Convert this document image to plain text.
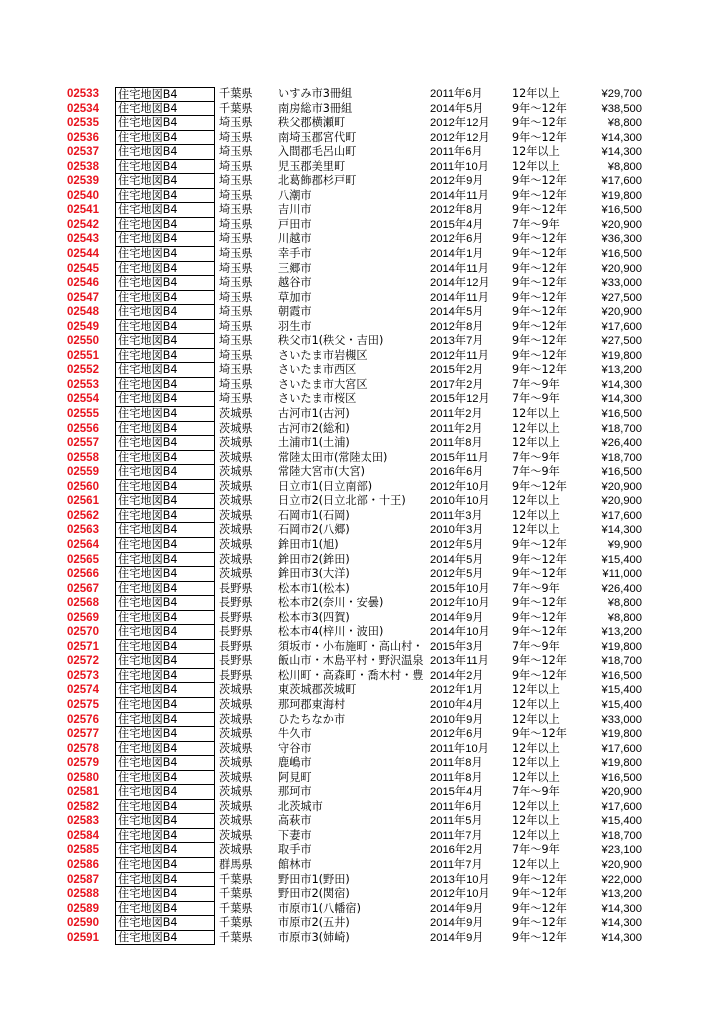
02533	住宅地図B4	千葉県	いすみ市3冊組	2011年6月	12年以上	¥29,700
02534	住宅地図B4	千葉県	南房総市3冊組	2014年5月	9年～12年	¥38,500
02535	住宅地図B4	埼玉県	秩父郡横瀬町	2012年12月	9年～12年	¥8,800
02536	住宅地図B4	埼玉県	南埼玉郡宮代町	2012年12月	9年～12年	¥14,300
02537	住宅地図B4	埼玉県	入間郡毛呂山町	2011年6月	12年以上	¥14,300
02538	住宅地図B4	埼玉県	児玉郡美里町	2011年10月	12年以上	¥8,800
02539	住宅地図B4	埼玉県	北葛飾郡杉戸町	2012年9月	9年～12年	¥17,600
02540	住宅地図B4	埼玉県	八潮市	2014年11月	9年～12年	¥19,800
02541	住宅地図B4	埼玉県	吉川市	2012年8月	9年～12年	¥16,500
02542	住宅地図B4	埼玉県	戸田市	2015年4月	7年～9年	¥20,900
02543	住宅地図B4	埼玉県	川越市	2012年6月	9年～12年	¥36,300
02544	住宅地図B4	埼玉県	幸手市	2014年1月	9年～12年	¥16,500
02545	住宅地図B4	埼玉県	三郷市	2014年11月	9年～12年	¥20,900
02546	住宅地図B4	埼玉県	越谷市	2014年12月	9年～12年	¥33,000
02547	住宅地図B4	埼玉県	草加市	2014年11月	9年～12年	¥27,500
02548	住宅地図B4	埼玉県	朝霞市	2014年5月	9年～12年	¥20,900
02549	住宅地図B4	埼玉県	羽生市	2012年8月	9年～12年	¥17,600
02550	住宅地図B4	埼玉県	秩父市1(秩父・吉田)	2013年7月	9年～12年	¥27,500
02551	住宅地図B4	埼玉県	さいたま市岩槻区	2012年11月	9年～12年	¥19,800
02552	住宅地図B4	埼玉県	さいたま市西区	2015年2月	9年～12年	¥13,200
02553	住宅地図B4	埼玉県	さいたま市大宮区	2017年2月	7年～9年	¥14,300
02554	住宅地図B4	埼玉県	さいたま市桜区	2015年12月	7年～9年	¥14,300
02555	住宅地図B4	茨城県	古河市1(古河)	2011年2月	12年以上	¥16,500
02556	住宅地図B4	茨城県	古河市2(総和)	2011年2月	12年以上	¥18,700
02557	住宅地図B4	茨城県	土浦市1(土浦)	2011年8月	12年以上	¥26,400
02558	住宅地図B4	茨城県	常陸太田市(常陸太田)	2015年11月	7年～9年	¥18,700
02559	住宅地図B4	茨城県	常陸大宮市(大宮)	2016年6月	7年～9年	¥16,500
02560	住宅地図B4	茨城県	日立市1(日立南部)	2012年10月	9年～12年	¥20,900
02561	住宅地図B4	茨城県	日立市2(日立北部・十王)	2010年10月	12年以上	¥20,900
02562	住宅地図B4	茨城県	石岡市1(石岡)	2011年3月	12年以上	¥17,600
02563	住宅地図B4	茨城県	石岡市2(八郷)	2010年3月	12年以上	¥14,300
02564	住宅地図B4	茨城県	鉾田市1(旭)	2012年5月	9年～12年	¥9,900
02565	住宅地図B4	茨城県	鉾田市2(鉾田)	2014年5月	9年～12年	¥15,400
02566	住宅地図B4	茨城県	鉾田市3(大洋)	2012年5月	9年～12年	¥11,000
02567	住宅地図B4	長野県	松本市1(松本)	2015年10月	7年～9年	¥26,400
02568	住宅地図B4	長野県	松本市2(奈川・安曇)	2012年10月	9年～12年	¥8,800
02569	住宅地図B4	長野県	松本市3(四賀)	2014年9月	9年～12年	¥8,800
02570	住宅地図B4	長野県	松本市4(梓川・波田)	2014年10月	9年～12年	¥13,200
02571	住宅地図B4	長野県	須坂市・小布施町・高山村・ 2015年3月	7年～9年	¥19,800
02572	住宅地図B4	長野県	飯山市・木島平村・野沢温泉 2013年11月	9年～12年	¥18,700
02573	住宅地図B4	長野県	松川町・高森町・喬木村・豊 2014年2月	9年～12年	¥16,500
02574	住宅地図B4	茨城県	東茨城郡茨城町	2012年1月	12年以上	¥15,400
02575	住宅地図B4	茨城県	那珂郡東海村	2010年4月	12年以上	¥15,400
02576	住宅地図B4	茨城県	ひたちなか市	2010年9月	12年以上	¥33,000
02577	住宅地図B4	茨城県	牛久市	2012年6月	9年～12年	¥19,800
02578	住宅地図B4	茨城県	守谷市	2011年10月	12年以上	¥17,600
02579	住宅地図B4	茨城県	鹿嶋市	2011年8月	12年以上	¥19,800
02580	住宅地図B4	茨城県	阿見町	2011年8月	12年以上	¥16,500
02581	住宅地図B4	茨城県	那珂市	2015年4月	7年～9年	¥20,900
02582	住宅地図B4	茨城県	北茨城市	2011年6月	12年以上	¥17,600
02583	住宅地図B4	茨城県	高萩市	2011年5月	12年以上	¥15,400
02584	住宅地図B4	茨城県	下妻市	2011年7月	12年以上	¥18,700
02585	住宅地図B4	茨城県	取手市	2016年2月	7年～9年	¥23,100
02586	住宅地図B4	群馬県	館林市	2011年7月	12年以上	¥20,900
02587	住宅地図B4	千葉県	野田市1(野田)	2013年10月	9年～12年	¥22,000
02588	住宅地図B4	千葉県	野田市2(関宿)	2012年10月	9年～12年	¥13,200
02589	住宅地図B4	千葉県	市原市1(八幡宿)	2014年9月	9年～12年	¥14,300
02590	住宅地図B4	千葉県	市原市2(五井)	2014年9月	9年～12年	¥14,300
02591	住宅地図B4	千葉県	市原市3(姉崎)	2014年9月	9年～12年	¥14,300
